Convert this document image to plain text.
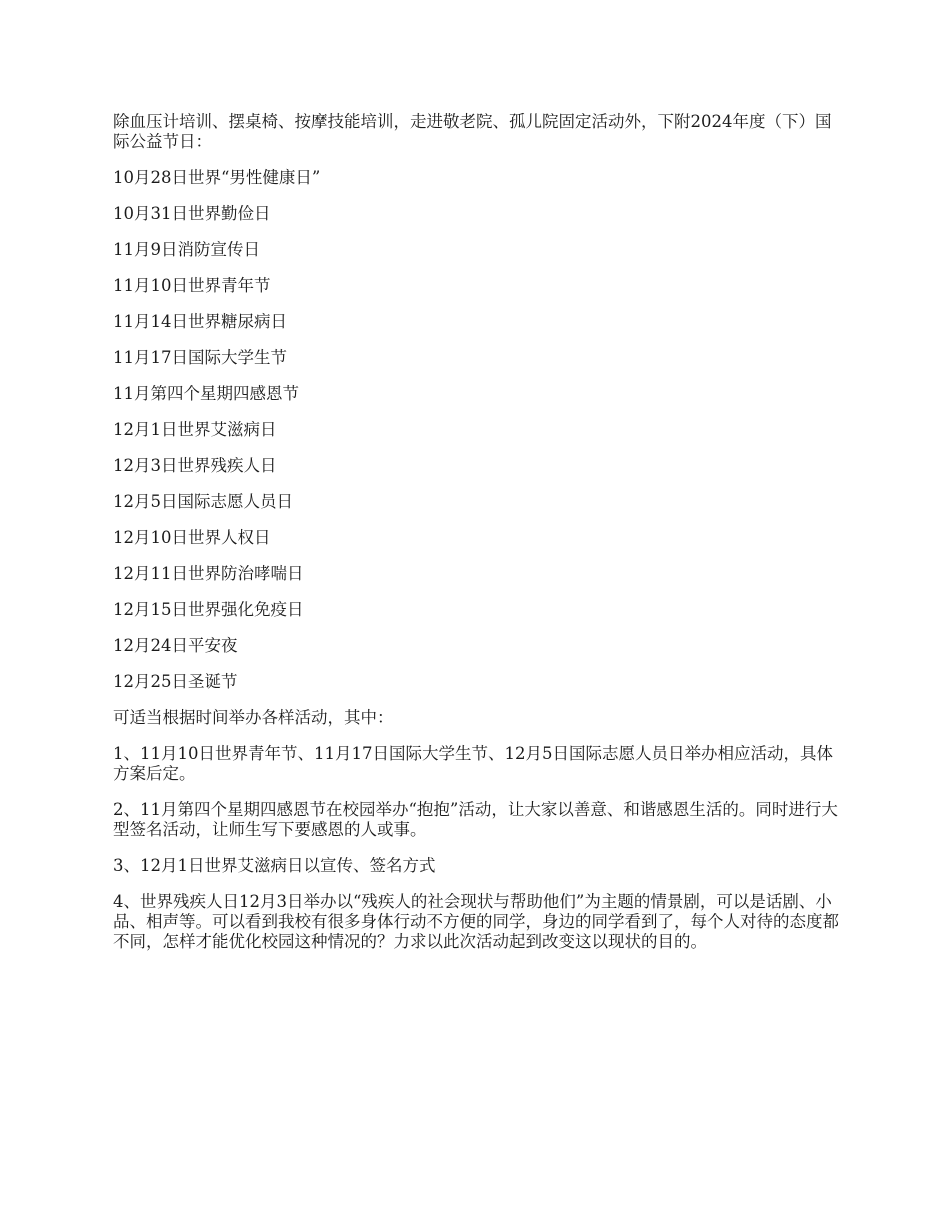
除血压计培训、摆桌椅、按摩技能培训，走进敬老院、孤儿院固定活动外，下附2024年度（下）国际公益节日：

10月28日世界“男性健康日”

10月31日世界勤俭日

11月9日消防宣传日

11月10日世界青年节

11月14日世界糖尿病日

11月17日国际大学生节

11月第四个星期四感恩节

12月1日世界艾滋病日

12月3日世界残疾人日

12月5日国际志愿人员日

12月10日世界人权日

12月11日世界防治哮喘日

12月15日世界强化免疫日

12月24日平安夜

12月25日圣诞节

可适当根据时间举办各样活动，其中：

1、11月10日世界青年节、11月17日国际大学生节、12月5日国际志愿人员日举办相应活动，具体方案后定。

2、11月第四个星期四感恩节在校园举办“抱抱”活动，让大家以善意、和谐感恩生活的。同时进行大型签名活动，让师生写下要感恩的人或事。

3、12月1日世界艾滋病日以宣传、签名方式

4、世界残疾人日12月3日举办以“残疾人的社会现状与帮助他们”为主题的情景剧，可以是话剧、小品、相声等。可以看到我校有很多身体行动不方便的同学，身边的同学看到了，每个人对待的态度都不同，怎样才能优化校园这种情况的？力求以此次活动起到改变这以现状的目的。
